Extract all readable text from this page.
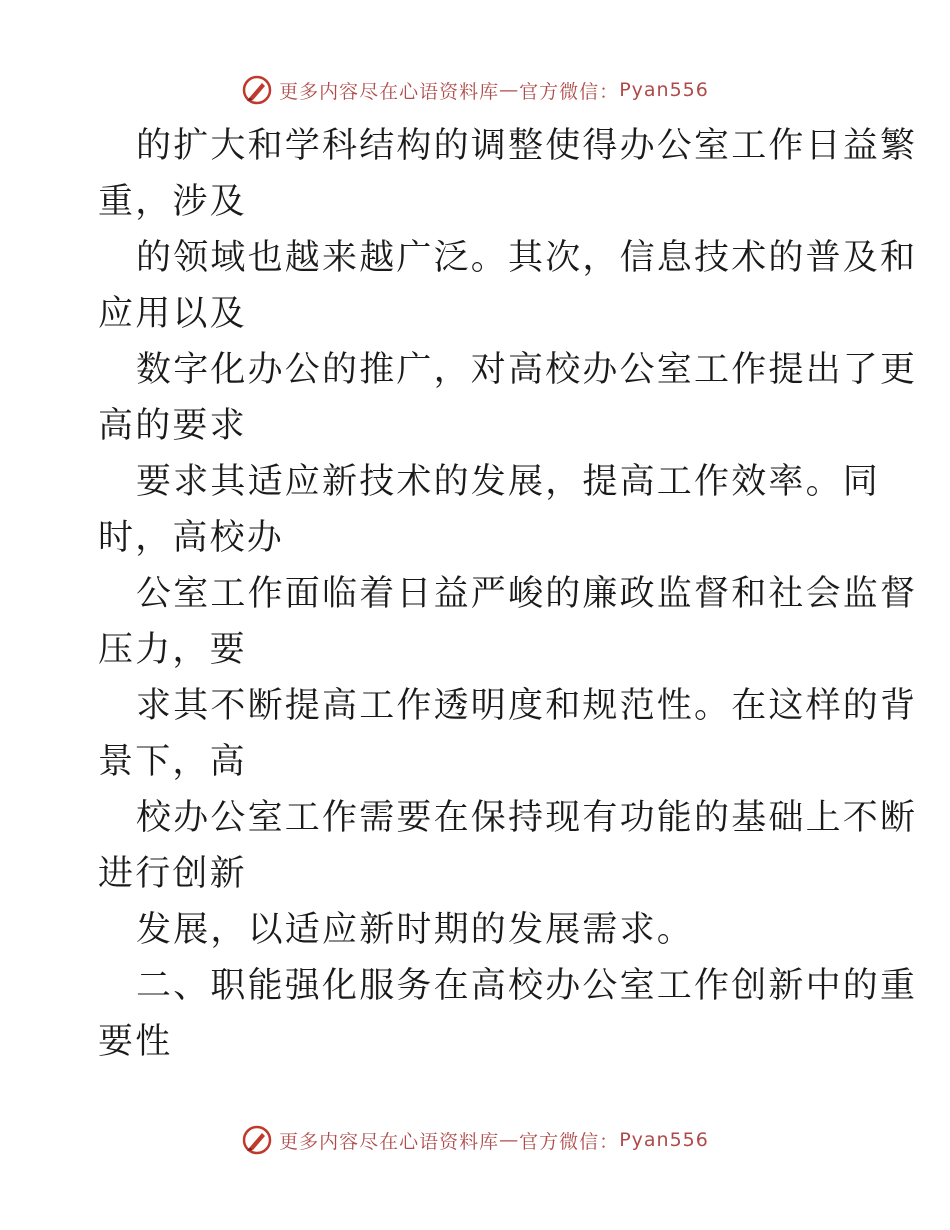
更多内容尽在心语资料库 — 官方微信： Pyan556
的扩大和学科结构的调整使得办公室工作日益繁
重，涉及
的领域也越来越广泛。其次，信息技术的普及和
应用以及
数字化办公的推广，对高校办公室工作提出了更
高的要求
要求其适应新技术的发展，提高工作效率。同
时，高校办
公室工作面临着日益严峻的廉政监督和社会监督
压力，要
求其不断提高工作透明度和规范性。在这样的背
景下，高
校办公室工作需要在保持现有功能的基础上不断
进行创新
发展，以适应新时期的发展需求。
二、职能强化服务在高校办公室工作创新中的重
要性
更多内容尽在心语资料库 — 官方微信： Pyan556
